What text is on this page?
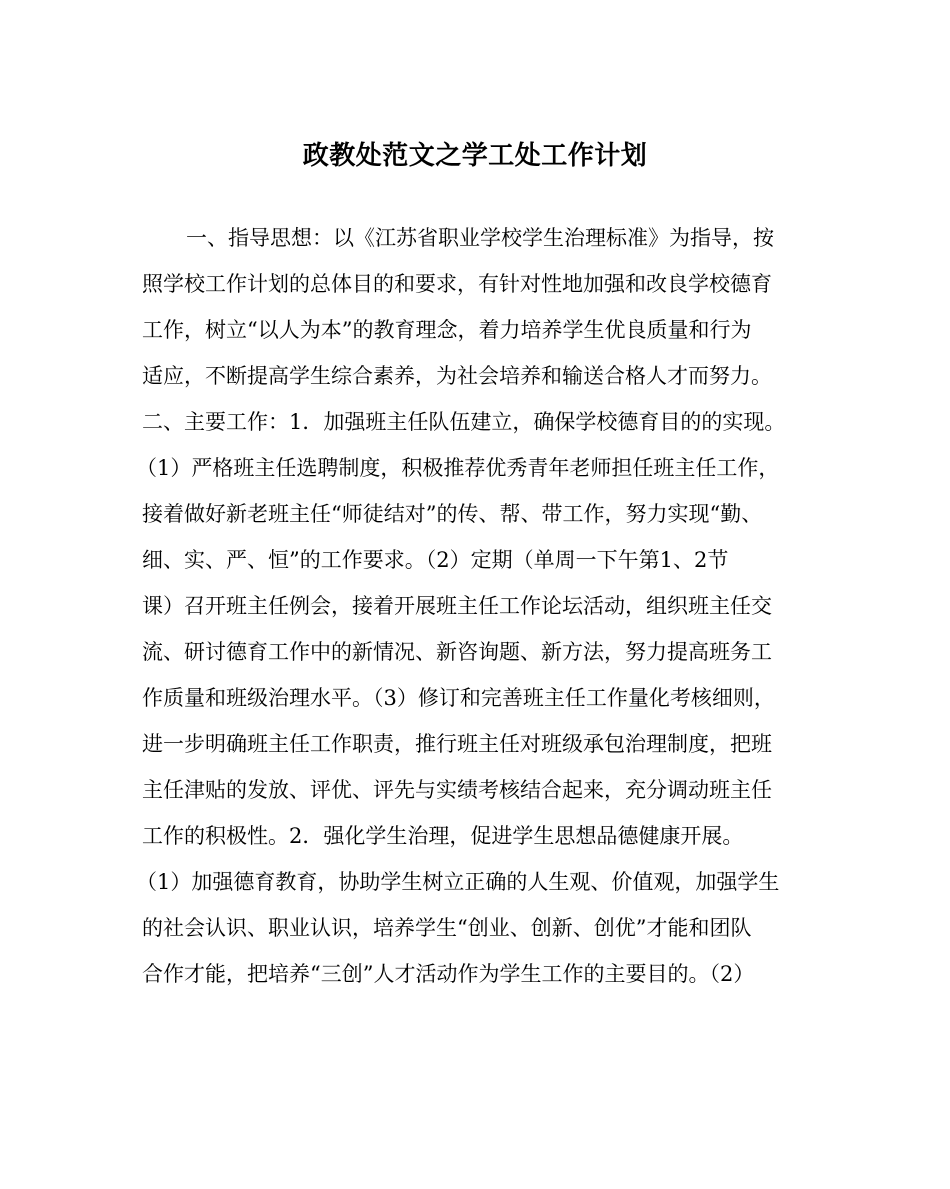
政教处范文之学工处工作计划
一、指导思想：以《江苏省职业学校学生治理标准》为指导，按
照学校工作计划的总体目的和要求，有针对性地加强和改良学校德育
工作，树立“以人为本”的教育理念，着力培养学生优良质量和行为
适应，不断提高学生综合素养，为社会培养和输送合格人才而努力。
二、主要工作：1．加强班主任队伍建立，确保学校德育目的的实现。
（1）严格班主任选聘制度，积极推荐优秀青年老师担任班主任工作，
接着做好新老班主任“师徒结对”的传、帮、带工作，努力实现“勤、
细、实、严、恒”的工作要求。（2）定期（单周一下午第1、2节
课）召开班主任例会，接着开展班主任工作论坛活动，组织班主任交
流、研讨德育工作中的新情况、新咨询题、新方法，努力提高班务工
作质量和班级治理水平。（3）修订和完善班主任工作量化考核细则，
进一步明确班主任工作职责，推行班主任对班级承包治理制度，把班
主任津贴的发放、评优、评先与实绩考核结合起来，充分调动班主任
工作的积极性。2．强化学生治理，促进学生思想品德健康开展。
（1）加强德育教育，协助学生树立正确的人生观、价值观，加强学生
的社会认识、职业认识，培养学生“创业、创新、创优”才能和团队
合作才能，把培养“三创”人才活动作为学生工作的主要目的。（2）
